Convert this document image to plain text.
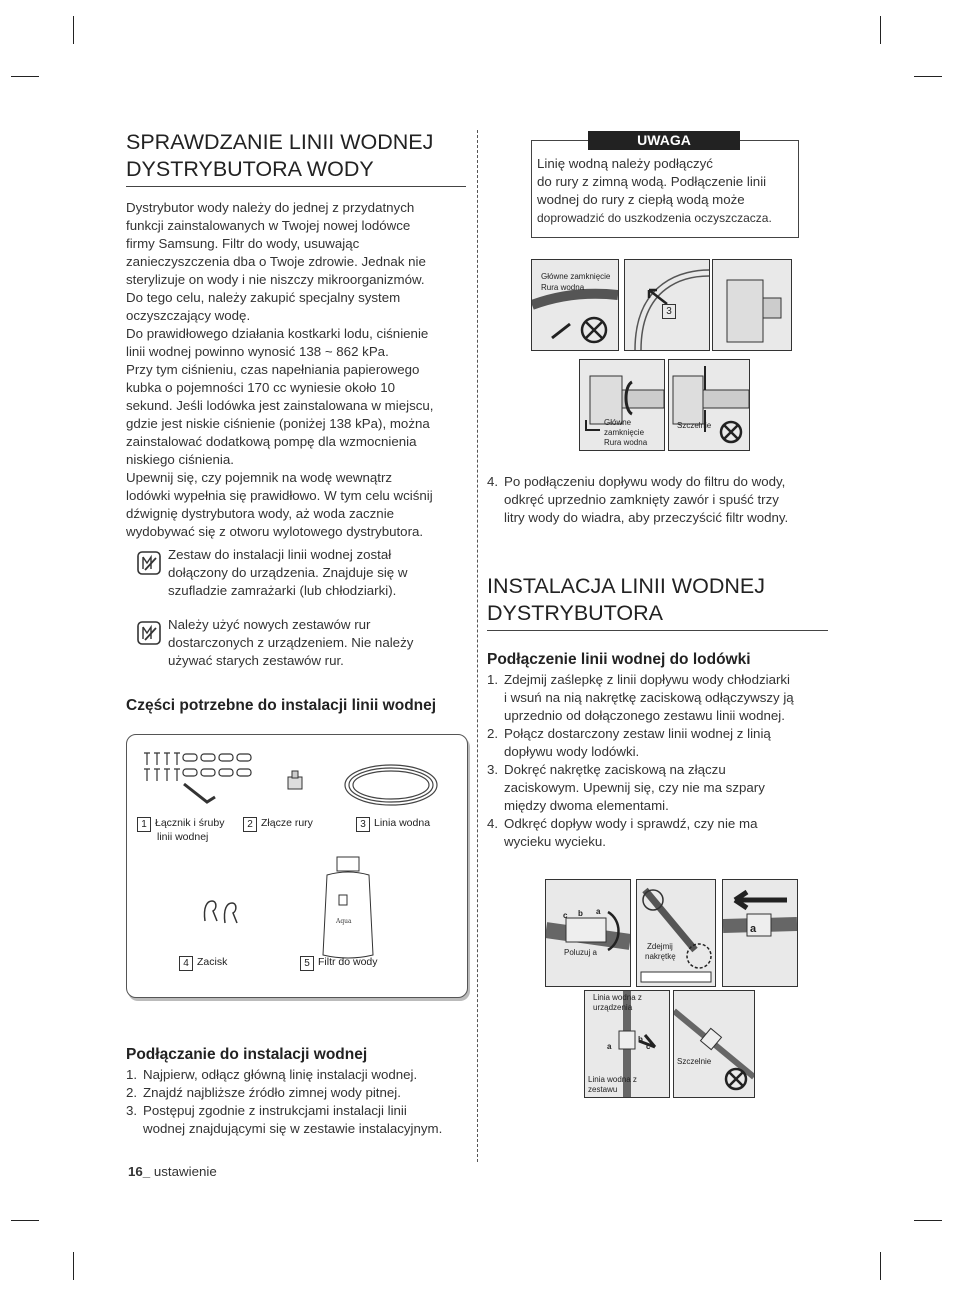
SPRAWDZANIE LINII WODNEJ
DYSTRYBUTORA WODY
Dystrybutor wody należy do jednej z przydatnych
funkcji zainstalowanych w Twojej nowej lodówce
firmy Samsung. Filtr do wody, usuwając
zanieczyszczenia dba o Twoje zdrowie. Jednak nie
sterylizuje on wody i nie niszczy mikroorganizmów.
Do tego celu, należy zakupić specjalny system
oczyszczający wodę.
Do prawidłowego działania kostkarki lodu, ciśnienie
linii wodnej powinno wynosić 138 ~ 862 kPa.
Przy tym ciśnieniu, czas napełniania papierowego
kubka o pojemności 170 cc wyniesie około 10
sekund. Jeśli lodówka jest zainstalowana w miejscu,
gdzie jest niskie ciśnienie (poniżej 138 kPa), można
zainstalować dodatkową pompę dla wzmocnienia
niskiego ciśnienia.
Upewnij się, czy pojemnik na wodę wewnątrz
lodówki wypełnia się prawidłowo. W tym celu wciśnij
dźwignię dystrybutora wody, aż woda zacznie
wydobywać się z otworu wylotowego dystrybutora.
Zestaw do instalacji linii wodnej został
dołączony do urządzenia. Znajduje się w
szufladzie zamrażarki (lub chłodziarki).
Należy użyć nowych zestawów rur
dostarczonych z urządzeniem. Nie należy
używać starych zestawów rur.
Części potrzebne do instalacji linii wodnej
1 Łącznik i śruby
linii wodnej
2 Złącze rury	3 Linia wodna
Aqua
4 Zacisk	5 Filtr do wody
Podłączanie do instalacji wodnej
1. Najpierw, odłącz główną linię instalacji wodnej.
2. Znajdź najbliższe źródło zimnej wody pitnej.
3. Postępuj zgodnie z instrukcjami instalacji linii
wodnej znajdującymi się w zestawie instalacyjnym.
16_ ustawienie
UWAGA
Linię wodną należy podłączyć
do rury z zimną wodą. Podłączenie linii
wodnej do rury z ciepłą wodą może
doprowadzić do uszkodzenia oczyszczacza.
Główne zamknięcie
Rura wodna
3
Główne
zamknięcie
Rura wodna
Szczelnie
4. Po podłączeniu dopływu wody do filtru do wody,
odkręć uprzednio zamknięty zawór i spuść trzy
litry wody do wiadra, aby przeczyścić filtr wodny.
INSTALACJA LINII WODNEJ
DYSTRYBUTORA
Podłączenie linii wodnej do lodówki
1. Zdejmij zaślepkę z linii dopływu wody chłodziarki
i wsuń na nią nakrętkę zaciskową odłączywszy ją
uprzednio od dołączonego zestawu linii wodnej.
2. Połącz dostarczony zestaw linii wodnej z linią
dopływu wody lodówki.
3. Dokręć nakrętkę zaciskową na złączu
zaciskowym. Upewnij się, czy nie ma szpary
między dwoma elementami.
4. Odkręć dopływ wody i sprawdź, czy nie ma
wycieku wycieku.
c b a
Poluzuj a
Zdejmij
nakrętkę
a
Linia wodna z
urządzenia
a
b
c
Linia wodna z
zestawu
Szczelnie
